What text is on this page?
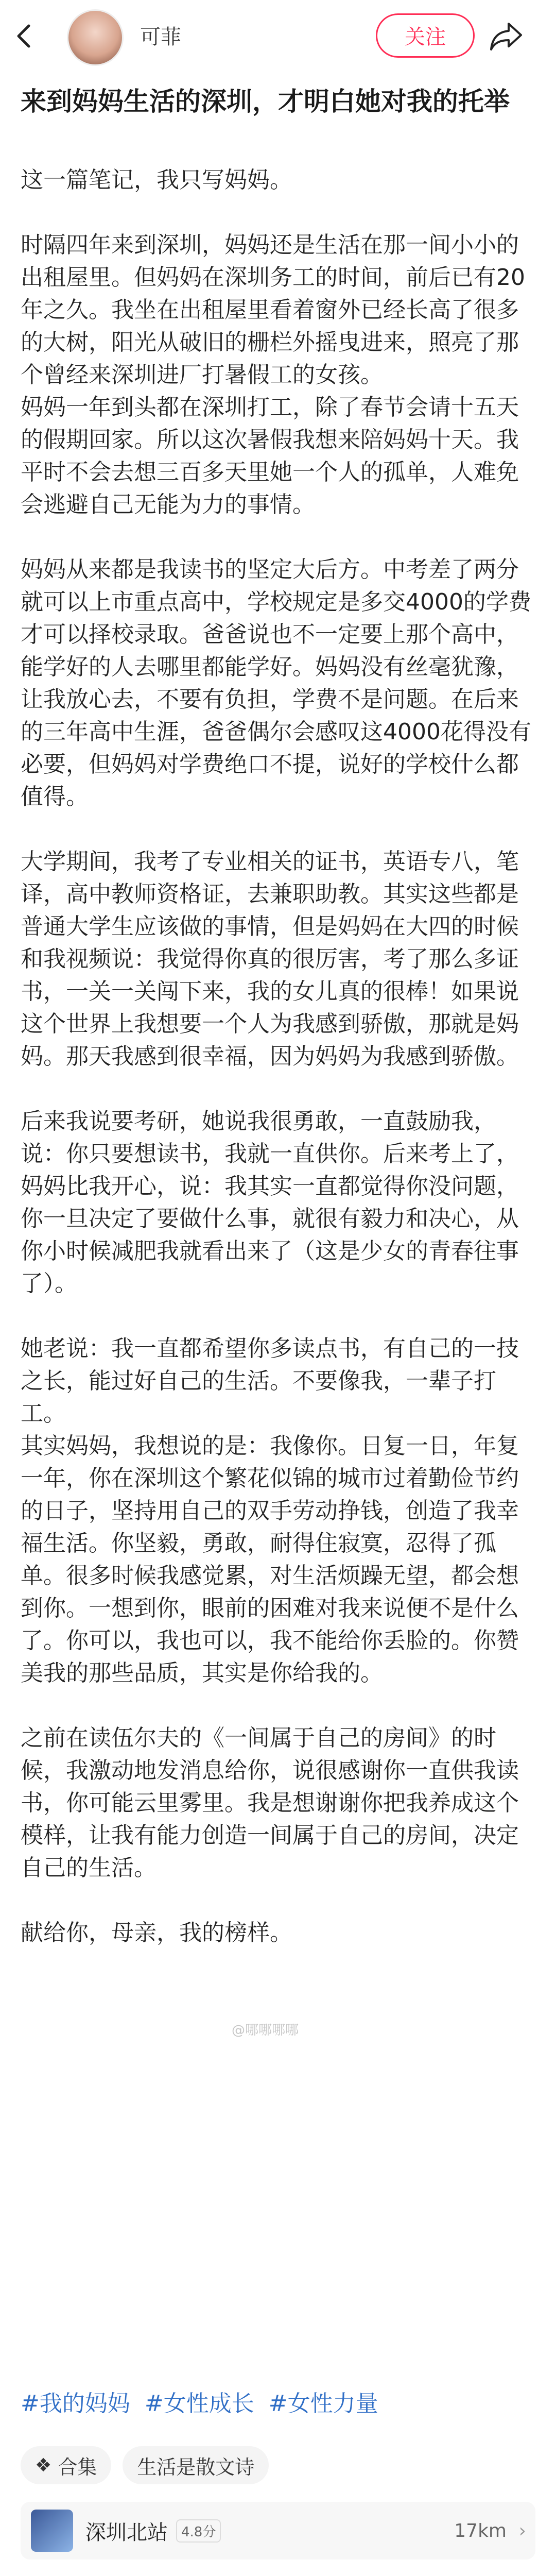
可菲	关注
来到妈妈生活的深圳，才明白她对我的托举
这一篇笔记，我只写妈妈。

时隔四年来到深圳，妈妈还是生活在那一间小小的出租屋里。但妈妈在深圳务工的时间，前后已有20年之久。我坐在出租屋里看着窗外已经长高了很多的大树，阳光从破旧的栅栏外摇曳进来，照亮了那个曾经来深圳进厂打暑假工的女孩。
妈妈一年到头都在深圳打工，除了春节会请十五天的假期回家。所以这次暑假我想来陪妈妈十天。我平时不会去想三百多天里她一个人的孤单，人难免会逃避自己无能为力的事情。

妈妈从来都是我读书的坚定大后方。中考差了两分就可以上市重点高中，学校规定是多交4000的学费才可以择校录取。爸爸说也不一定要上那个高中，能学好的人去哪里都能学好。妈妈没有丝毫犹豫，让我放心去，不要有负担，学费不是问题。在后来的三年高中生涯，爸爸偶尔会感叹这4000花得没有必要，但妈妈对学费绝口不提，说好的学校什么都值得。

大学期间，我考了专业相关的证书，英语专八，笔译，高中教师资格证，去兼职助教。其实这些都是普通大学生应该做的事情，但是妈妈在大四的时候和我视频说：我觉得你真的很厉害，考了那么多证书，一关一关闯下来，我的女儿真的很棒！如果说这个世界上我想要一个人为我感到骄傲，那就是妈妈。那天我感到很幸福，因为妈妈为我感到骄傲。

后来我说要考研，她说我很勇敢，一直鼓励我，说：你只要想读书，我就一直供你。后来考上了，妈妈比我开心，说：我其实一直都觉得你没问题，你一旦决定了要做什么事，就很有毅力和决心，从你小时候减肥我就看出来了（这是少女的青春往事了）。

她老说：我一直都希望你多读点书，有自己的一技之长，能过好自己的生活。不要像我，一辈子打工。
其实妈妈，我想说的是：我像你。日复一日，年复一年，你在深圳这个繁花似锦的城市过着勤俭节约的日子，坚持用自己的双手劳动挣钱，创造了我幸福生活。你坚毅，勇敢，耐得住寂寞，忍得了孤单。很多时候我感觉累，对生活烦躁无望，都会想到你。一想到你，眼前的困难对我来说便不是什么了。你可以，我也可以，我不能给你丢脸的。你赞美我的那些品质，其实是你给我的。

之前在读伍尔夫的《一间属于自己的房间》的时候，我激动地发消息给你，说很感谢你一直供我读书，你可能云里雾里。我是想谢谢你把我养成这个模样，让我有能力创造一间属于自己的房间，决定自己的生活。

献给你，母亲，我的榜样。
@哪哪哪哪
#我的妈妈 #女性成长 #女性力量
❖ 合集 生活是散文诗
深圳北站	4.8分	17km ›
